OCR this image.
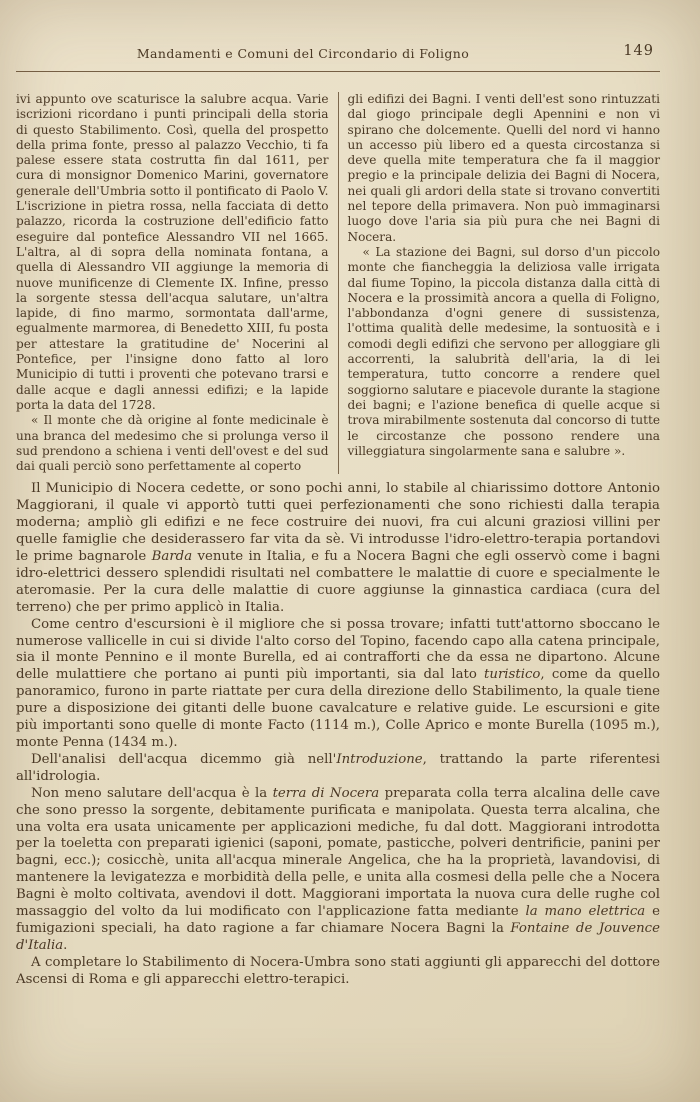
Mandamenti e Comuni del Circondario di Foligno	149

ivi appunto ove scaturisce la salubre acqua. Varie iscrizioni ricordano i punti principali della storia di questo Stabilimento. Così, quella del prospetto della prima fonte, presso al palazzo Vecchio, ti fa palese essere stata costrutta fin dal 1611, per cura di monsignor Domenico Marini, governatore generale dell'Umbria sotto il pontificato di Paolo V. L'iscrizione in pietra rossa, nella facciata di detto palazzo, ricorda la costruzione dell'edificio fatto eseguire dal pontefice Alessandro VII nel 1665. L'altra, al di sopra della nominata fontana, a quella di Alessandro VII aggiunge la memoria di nuove munificenze di Clemente IX. Infine, presso la sorgente stessa dell'acqua salutare, un'altra lapide, di fino marmo, sormontata dall'arme, egualmente marmorea, di Benedetto XIII, fu posta per attestare la gratitudine de' Nocerini al Pontefice, per l'insigne dono fatto al loro Municipio di tutti i proventi che potevano trarsi e dalle acque e dagli annessi edifizi; e la lapide porta la data del 1728.

« Il monte che dà origine al fonte medicinale è una branca del medesimo che si prolunga verso il sud prendono a schiena i venti dell'ovest e del sud dai quali perciò sono perfettamente al coperto

gli edifizi dei Bagni. I venti dell'est sono rintuzzati dal giogo principale degli Apennini e non vi spirano che dolcemente. Quelli del nord vi hanno un accesso più libero ed a questa circostanza si deve quella mite temperatura che fa il maggior pregio e la principale delizia dei Bagni di Nocera, nei quali gli ardori della state si trovano convertiti nel tepore della primavera. Non può immaginarsi luogo dove l'aria sia più pura che nei Bagni di Nocera.

« La stazione dei Bagni, sul dorso d'un piccolo monte che fiancheggia la deliziosa valle irrigata dal fiume Topino, la piccola distanza dalla città di Nocera e la prossimità ancora a quella di Foligno, l'abbondanza d'ogni genere di sussistenza, l'ottima qualità delle medesime, la sontuosità e i comodi degli edifizi che servono per alloggiare gli accorrenti, la salubrità dell'aria, la di lei temperatura, tutto concorre a rendere quel soggiorno salutare e piacevole durante la stagione dei bagni; e l'azione benefica di quelle acque si trova mirabilmente sostenuta dal concorso di tutte le circostanze che possono rendere una villeggiatura singolarmente sana e salubre ».

Il Municipio di Nocera cedette, or sono pochi anni, lo stabile al chiarissimo dottore Antonio Maggiorani, il quale vi apportò tutti quei perfezionamenti che sono richiesti dalla terapia moderna; ampliò gli edifizi e ne fece costruire dei nuovi, fra cui alcuni graziosi villini per quelle famiglie che desiderassero far vita da sè. Vi introdusse l'idro-elettro-terapia portandovi le prime bagnarole Barda venute in Italia, e fu a Nocera Bagni che egli osservò come i bagni idro-elettrici dessero splendidi risultati nel combattere le malattie di cuore e specialmente le ateromasie. Per la cura delle malattie di cuore aggiunse la ginnastica cardiaca (cura del terreno) che per primo applicò in Italia.

Come centro d'escursioni è il migliore che si possa trovare; infatti tutt'attorno sboccano le numerose vallicelle in cui si divide l'alto corso del Topino, facendo capo alla catena principale, sia il monte Pennino e il monte Burella, ed ai contrafforti che da essa ne dipartono. Alcune delle mulattiere che portano ai punti più importanti, sia dal lato turistico, come da quello panoramico, furono in parte riattate per cura della direzione dello Stabilimento, la quale tiene pure a disposizione dei gitanti delle buone cavalcature e relative guide. Le escursioni e gite più importanti sono quelle di monte Facto (1114 m.), Colle Aprico e monte Burella (1095 m.), monte Penna (1434 m.).

Dell'analisi dell'acqua dicemmo già nell'Introduzione, trattando la parte riferentesi all'idrologia.

Non meno salutare dell'acqua è la terra di Nocera preparata colla terra alcalina delle cave che sono presso la sorgente, debitamente purificata e manipolata. Questa terra alcalina, che una volta era usata unicamente per applicazioni mediche, fu dal dott. Maggiorani introdotta per la toeletta con preparati igienici (saponi, pomate, pasticche, polveri dentrificie, panini per bagni, ecc.); cosicchè, unita all'acqua minerale Angelica, che ha la proprietà, lavandovisi, di mantenere la levigatezza e morbidità della pelle, e unita alla cosmesi della pelle che a Nocera Bagni è molto coltivata, avendovi il dott. Maggiorani importata la nuova cura delle rughe col massaggio del volto da lui modificato con l'applicazione fatta mediante la mano elettrica e fumigazioni speciali, ha dato ragione a far chiamare Nocera Bagni la Fontaine de Jouvence d'Italia.

A completare lo Stabilimento di Nocera-Umbra sono stati aggiunti gli apparecchi del dottore Ascensi di Roma e gli apparecchi elettro-terapici.
